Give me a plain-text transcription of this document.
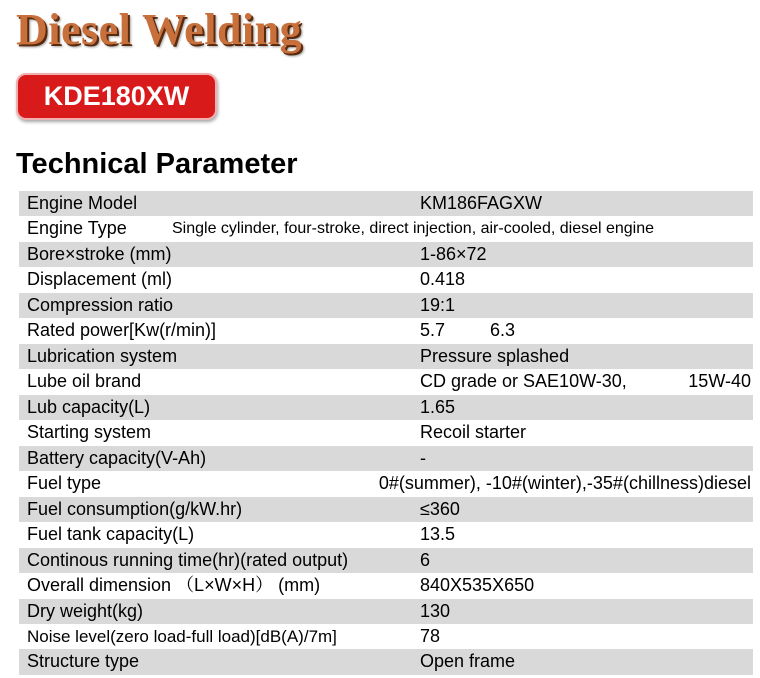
Diesel Welding
KDE180XW
Technical Parameter
Engine Model	KM186FAGXW
Engine Type	Single cylinder, four-stroke, direct injection, air-cooled, diesel engine
Bore×stroke (mm)	1-86×72
Displacement (ml)	0.418
Compression ratio	19:1
Rated power[Kw(r/min)]	5.7 6.3
Lubrication system	Pressure splashed
Lube oil brand	CD grade or SAE10W-30,	15W-40
Lub capacity(L)	1.65
Starting system	Recoil starter
Battery capacity(V-Ah)	-
Fuel type	0#(summer), -10#(winter),-35#(chillness)diesel
Fuel consumption(g/kW.hr)	≤360
Fuel tank capacity(L)	13.5
Continous running time(hr)(rated output)	6
Overall dimension （L×W×H） (mm)	840X535X650
Dry weight(kg)	130
Noise level(zero load-full load)[dB(A)/7m]	78
Structure type	Open frame
